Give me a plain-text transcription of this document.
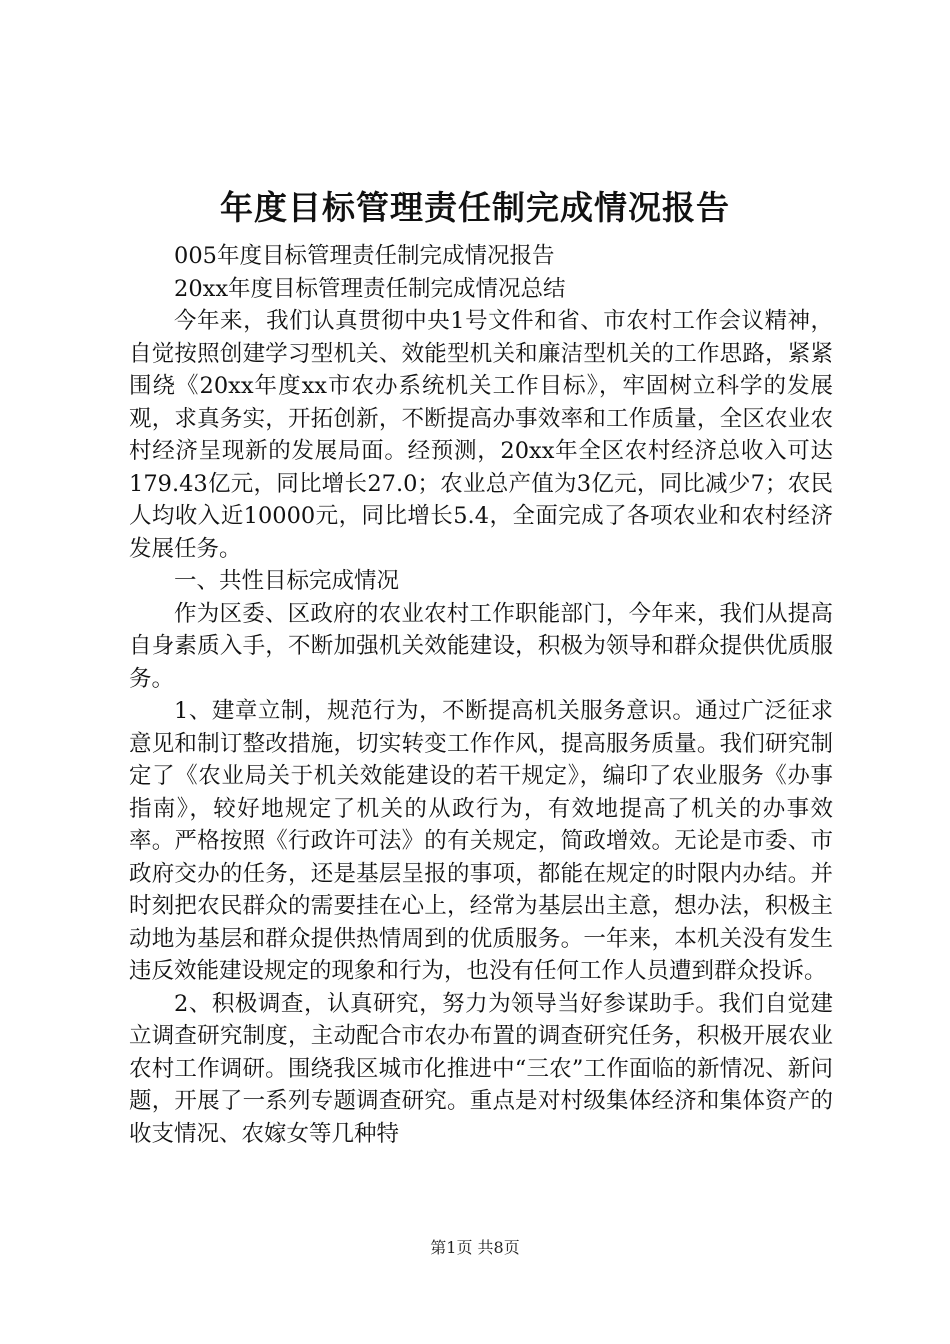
年度目标管理责任制完成情况报告

005年度目标管理责任制完成情况报告

20xx年度目标管理责任制完成情况总结

今年来，我们认真贯彻中央1号文件和省、市农村工作会议精神，自觉按照创建学习型机关、效能型机关和廉洁型机关的工作思路，紧紧围绕《20xx年度xx市农办系统机关工作目标》，牢固树立科学的发展观，求真务实，开拓创新，不断提高办事效率和工作质量，全区农业农村经济呈现新的发展局面。经预测，20xx年全区农村经济总收入可达179.43亿元，同比增长27.0；农业总产值为3亿元，同比减少7；农民人均收入近10000元，同比增长5.4，全面完成了各项农业和农村经济发展任务。

一、共性目标完成情况

作为区委、区政府的农业农村工作职能部门，今年来，我们从提高自身素质入手，不断加强机关效能建设，积极为领导和群众提供优质服务。

1、建章立制，规范行为，不断提高机关服务意识。通过广泛征求意见和制订整改措施，切实转变工作作风，提高服务质量。我们研究制定了《农业局关于机关效能建设的若干规定》，编印了农业服务《办事指南》，较好地规定了机关的从政行为，有效地提高了机关的办事效率。严格按照《行政许可法》的有关规定，简政增效。无论是市委、市政府交办的任务，还是基层呈报的事项，都能在规定的时限内办结。并时刻把农民群众的需要挂在心上，经常为基层出主意，想办法，积极主动地为基层和群众提供热情周到的优质服务。一年来，本机关没有发生违反效能建设规定的现象和行为，也没有任何工作人员遭到群众投诉。

2、积极调查，认真研究，努力为领导当好参谋助手。我们自觉建立调查研究制度，主动配合市农办布置的调查研究任务，积极开展农业农村工作调研。围绕我区城市化推进中“三农”工作面临的新情况、新问题，开展了一系列专题调查研究。重点是对村级集体经济和集体资产的收支情况、农嫁女等几种特

第1页 共8页
